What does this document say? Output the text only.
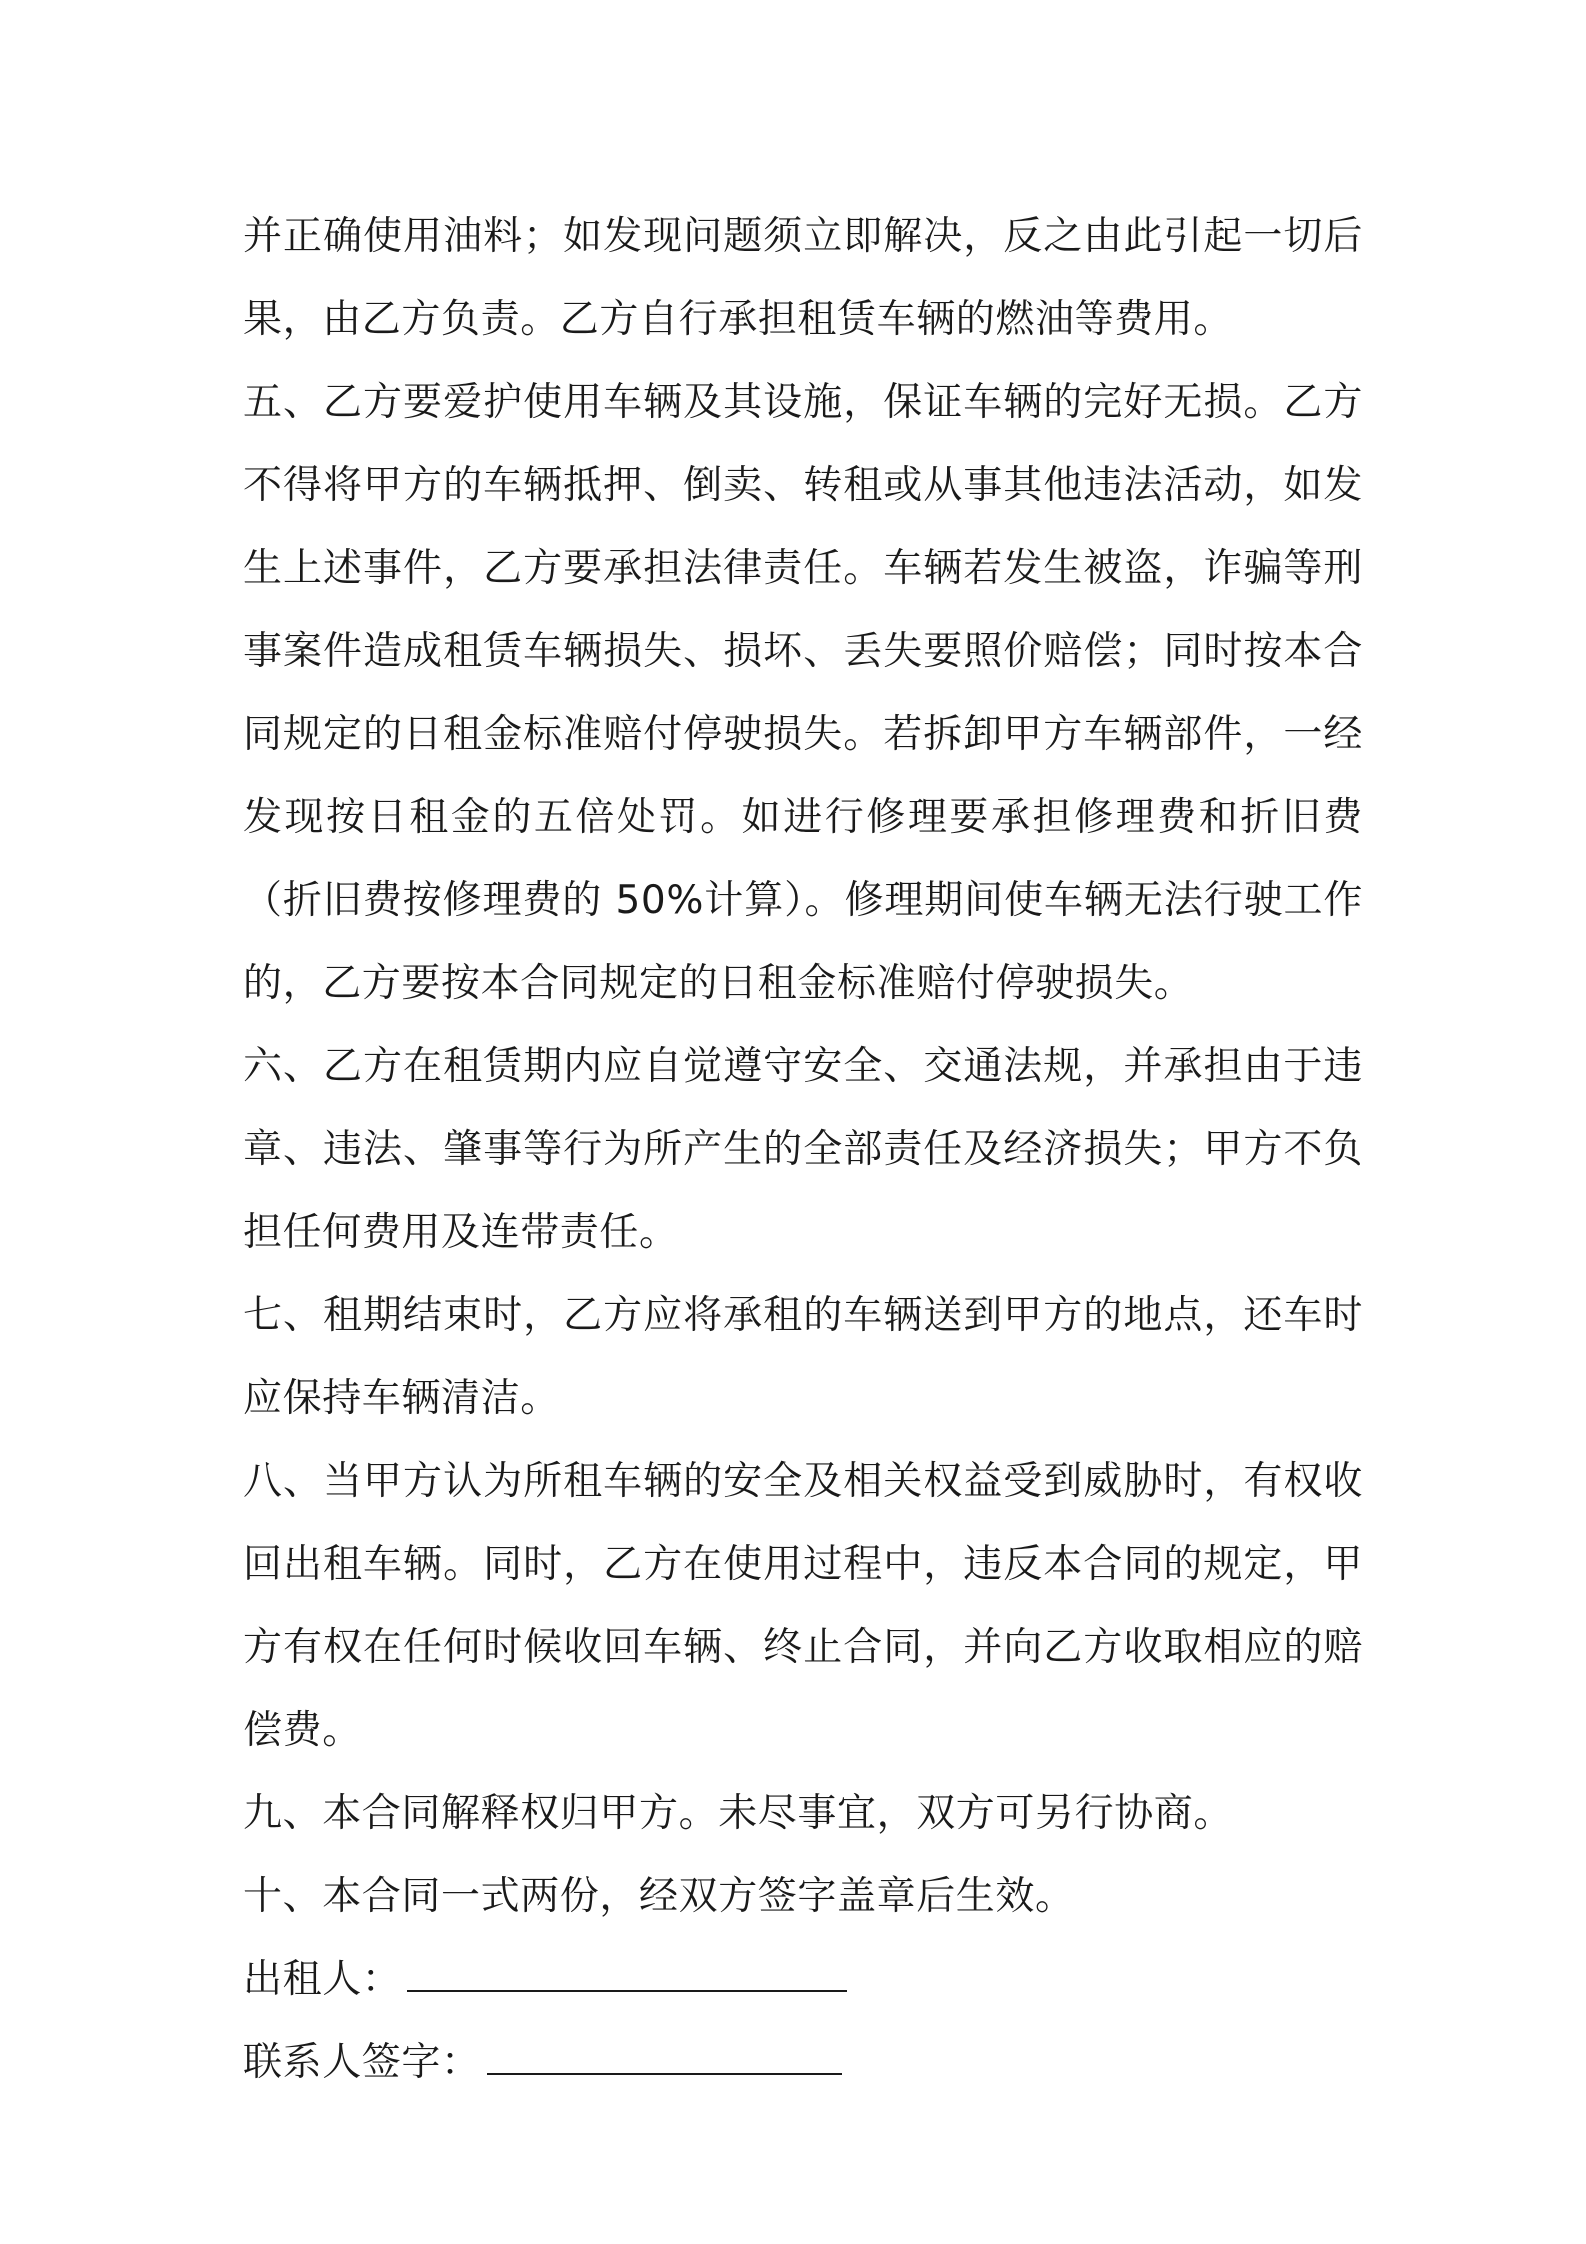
并正确使用油料；如发现问题须立即解决，反之由此引起一切后果，由乙方负责。乙方自行承担租赁车辆的燃油等费用。

五、乙方要爱护使用车辆及其设施，保证车辆的完好无损。乙方不得将甲方的车辆抵押、倒卖、转租或从事其他违法活动，如发生上述事件，乙方要承担法律责任。车辆若发生被盗，诈骗等刑事案件造成租赁车辆损失、损坏、丢失要照价赔偿；同时按本合同规定的日租金标准赔付停驶损失。若拆卸甲方车辆部件，一经发现按日租金的五倍处罚。如进行修理要承担修理费和折旧费（折旧费按修理费的 50%计算）。修理期间使车辆无法行驶工作的，乙方要按本合同规定的日租金标准赔付停驶损失。

六、乙方在租赁期内应自觉遵守安全、交通法规，并承担由于违章、违法、肇事等行为所产生的全部责任及经济损失；甲方不负担任何费用及连带责任。

七、租期结束时，乙方应将承租的车辆送到甲方的地点，还车时应保持车辆清洁。

八、当甲方认为所租车辆的安全及相关权益受到威胁时，有权收回出租车辆。同时，乙方在使用过程中，违反本合同的规定，甲方有权在任何时候收回车辆、终止合同，并向乙方收取相应的赔偿费。

九、本合同解释权归甲方。未尽事宜，双方可另行协商。

十、本合同一式两份，经双方签字盖章后生效。

出租人：
联系人签字：
